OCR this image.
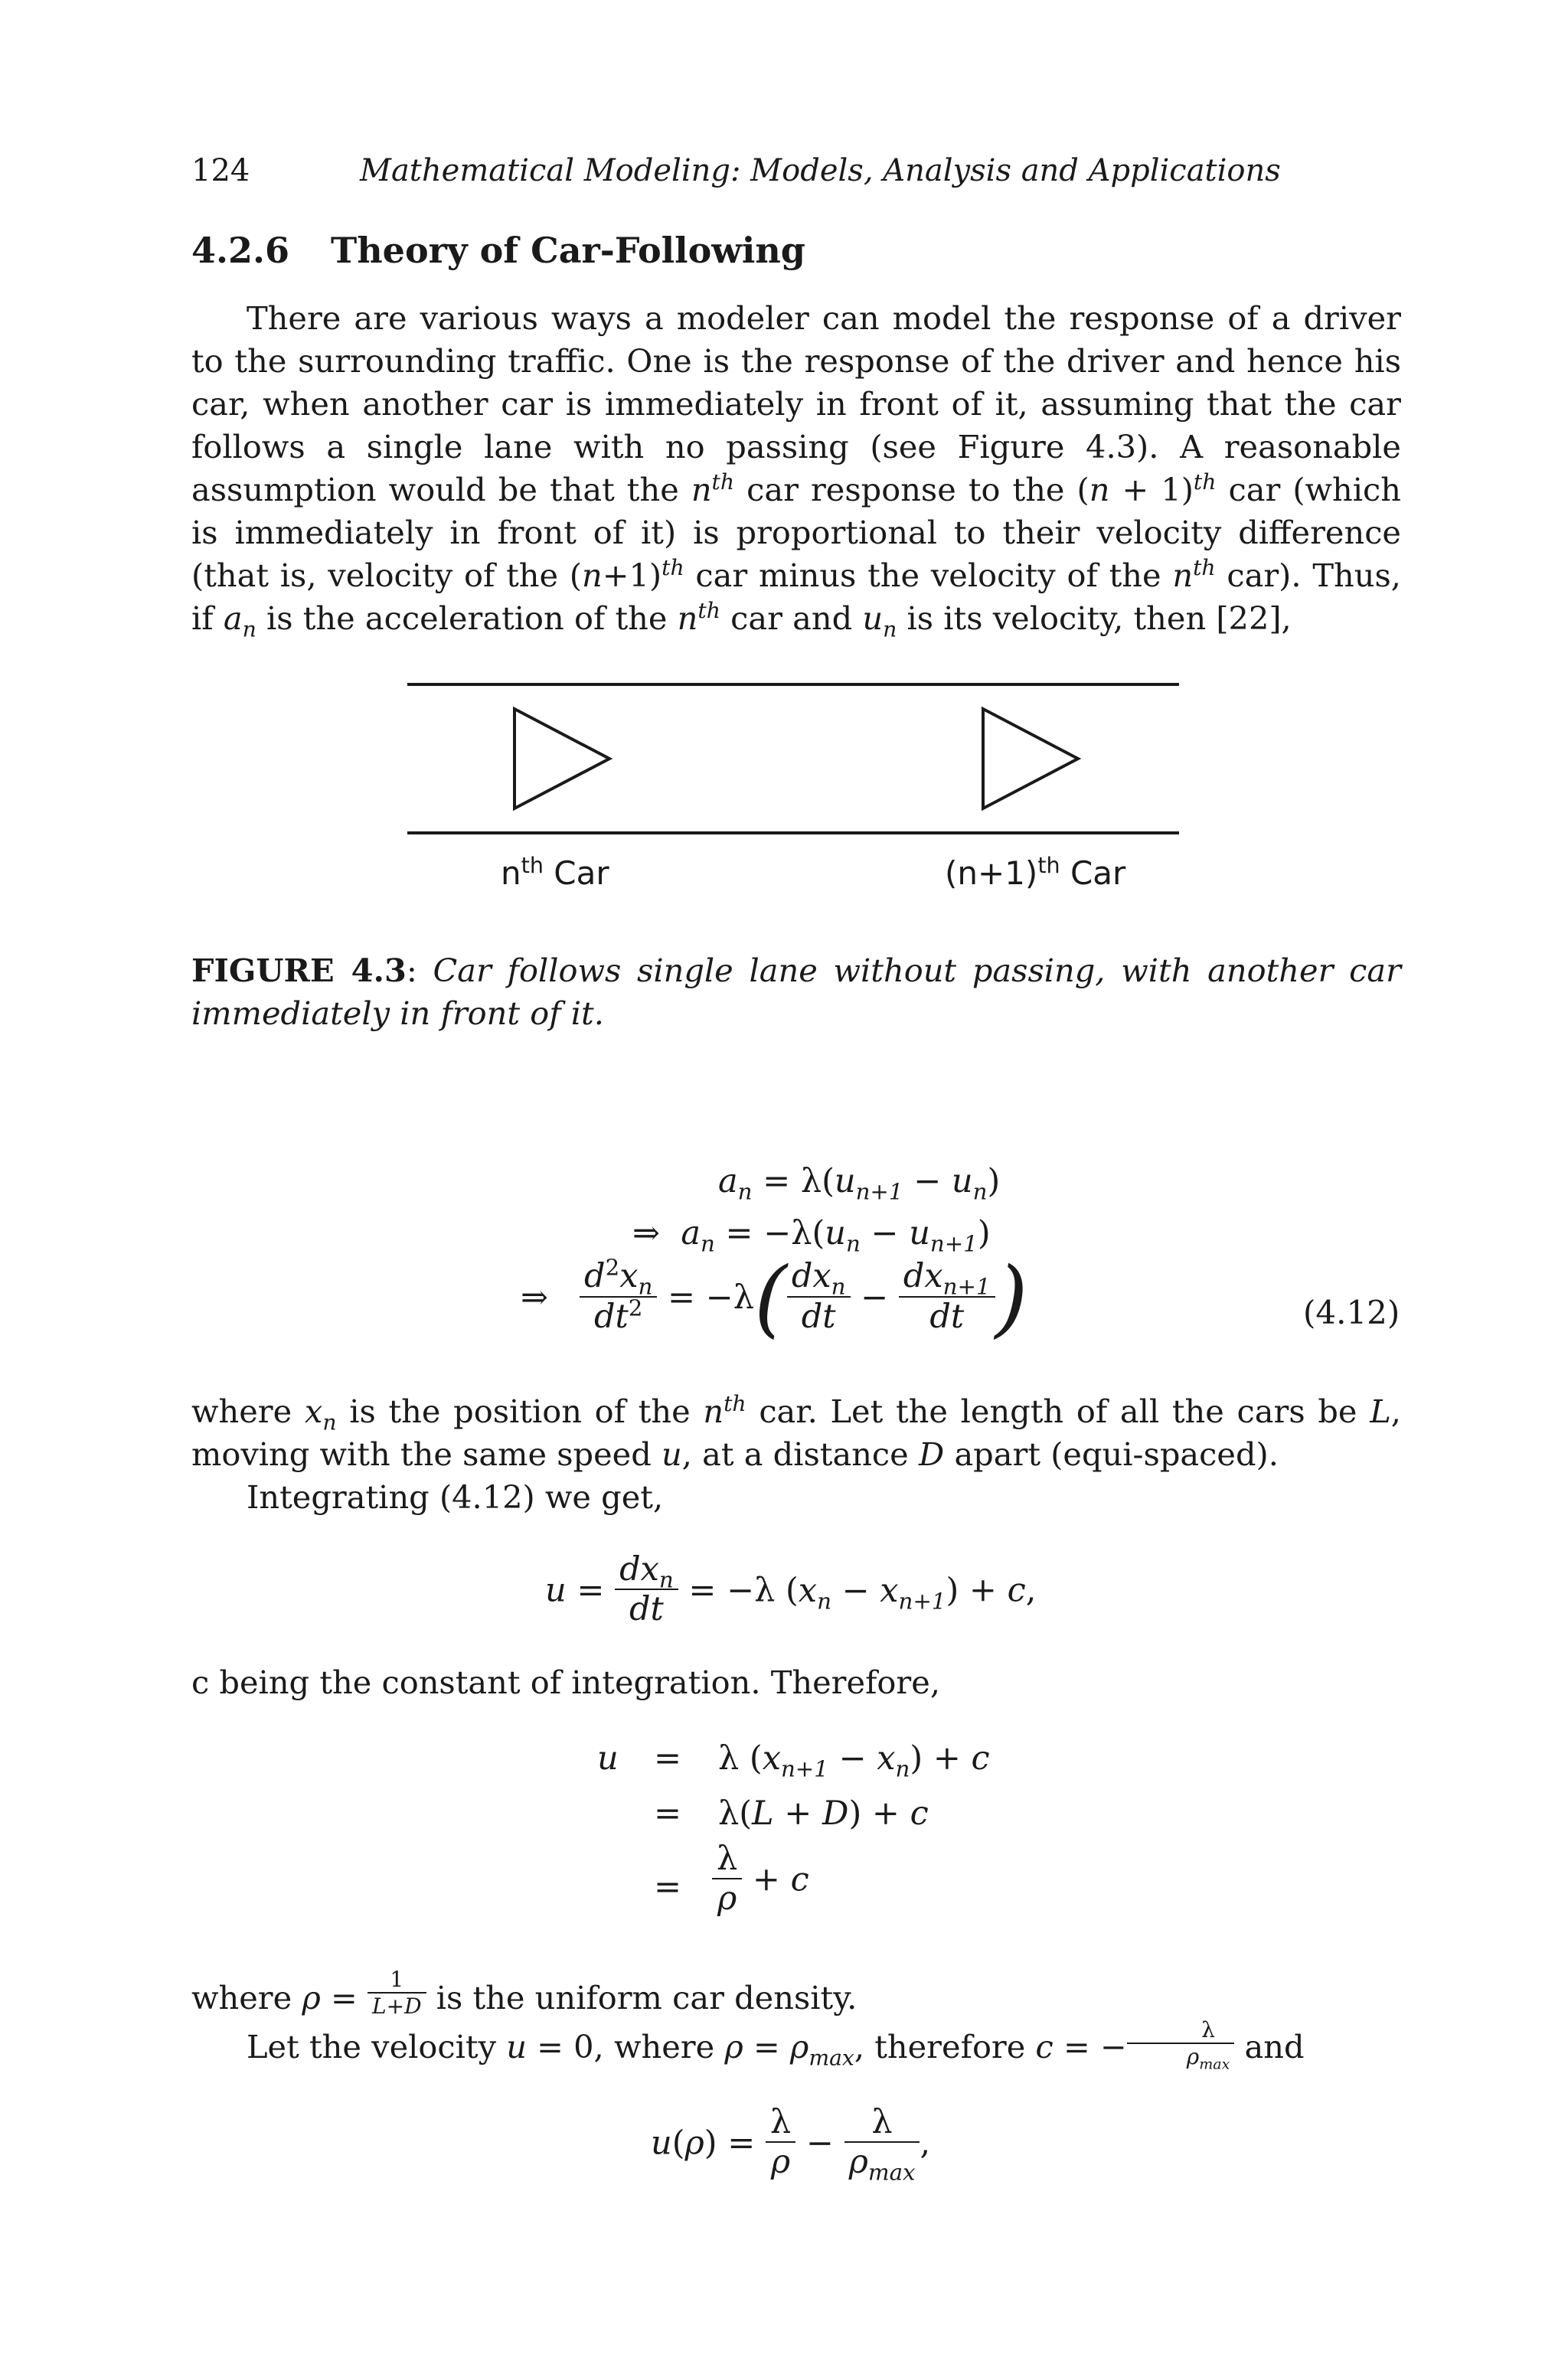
124	Mathematical Modeling: Models, Analysis and Applications
4.2.6 Theory of Car-Following
There are various ways a modeler can model the response of a driver to the surrounding traffic. One is the response of the driver and hence his car, when another car is immediately in front of it, assuming that the car follows a single lane with no passing (see Figure 4.3). A reasonable assumption would be that the $n^{th}$ car response to the $(n + 1)^{th}$ car (which is immediately in front of it) is proportional to their velocity difference (that is, velocity of the $(n+1)^{th}$ car minus the velocity of the $n^{th}$ car). Thus, if $a_n$ is the acceleration of the $n^{th}$ car and $u_n$ is its velocity, then [22],
$n^{th}$ Car	$(n+1)^{th}$ Car
FIGURE 4.3: Car follows single lane without passing, with another car immediately in front of it.
$a_n = \lambda(u_{n+1} - u_n)$
⇒  $a_n = -\lambda(u_n - u_{n+1})$
⇒ $\frac{d^2x_n}{dt^2} = -\lambda( \frac{dx_n}{dt} - \frac{dx_{n+1}}{dt}$ )	(4.12)
where $x_n$ is the position of the $n^{th}$ car. Let the length of all the cars be L, moving with the same speed u, at a distance D apart (equi-spaced).
Integrating (4.12) we get,
$u = \frac{dx_n}{dt} = -\lambda$ $(x_n - x_{n+1}) + c$,
c being the constant of integration. Therefore,
u = λ $(x_{n+1} - x_n) + c$
= λ(L + D) + c
= $\frac{\lambda}{\rho} + c$
where $\rho = \frac{1}{L+D}$ is the uniform car density.
Let the velocity u = 0, where $\rho = \rho_{max}$, therefore c = − $\frac{\lambda}{\rho_{max}}$ and
$u(\rho) = \frac{\lambda}{\rho} - \frac{\lambda}{\rho_{max}}$ ,
